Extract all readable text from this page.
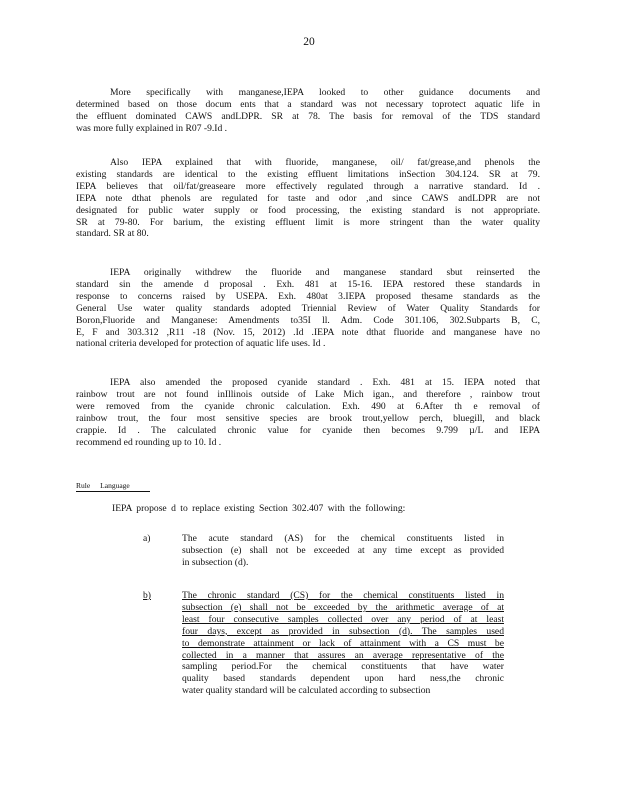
20
More specifically with manganese,IEPA looked to other guidance documents and
determined based on those docum ents that a standard was not necessary toprotect aquatic life in
the effluent dominated CAWS andLDPR. SR at 78. The basis for removal of the TDS standard
was more fully explained in R07 -9.Id .
Also IEPA explained that with fluoride, manganese, oil/ fat/grease,and phenols the
existing standards are identical to the existing effluent limitations inSection 304.124. SR at 79.
IEPA believes that oil/fat/greaseare more effectively regulated through a narrative standard. Id .
IEPA note dthat phenols are regulated for taste and odor ,and since CAWS andLDPR are not
designated for public water supply or food processing, the existing standard is not appropriate.
SR at 79-80. For barium, the existing effluent limit is more stringent than the water quality
standard. SR at 80.
IEPA originally withdrew the fluoride and manganese standard sbut reinserted the
standard sin the amende d proposal . Exh. 481 at 15-16. IEPA restored these standards in
response to concerns raised by USEPA. Exh. 480at 3.IEPA proposed thesame standards as the
General Use water quality standards adopted Triennial Review of Water Quality Standards for
Boron,Fluoride and Manganese: Amendments to35I ll. Adm. Code 301.106, 302.Subparts B, C,
E, F and 303.312 ,R11 -18 (Nov. 15, 2012) .Id .IEPA note dthat fluoride and manganese have no
national criteria developed for protection of aquatic life uses. Id .
IEPA also amended the proposed cyanide standard . Exh. 481 at 15. IEPA noted that
rainbow trout are not found inIllinois outside of Lake Mich igan., and therefore , rainbow trout
were removed from the cyanide chronic calculation. Exh. 490 at 6.After th e removal of
rainbow trout, the four most sensitive species are brook trout,yellow perch, bluegill, and black
crappie. Id . The calculated chronic value for cyanide then becomes 9.799 µ/L and IEPA
recommend ed rounding up to 10. Id .
Rule Language
IEPA propose d to replace existing Section 302.407 with the following:
a)	The acute standard (AS) for the chemical constituents listed in
subsection (e) shall not be exceeded at any time except as provided
in subsection (d).
b)	The chronic standard (CS) for the chemical constituents listed in
subsection (e) shall not be exceeded by the arithmetic average of at
least four consecutive samples collected over any period of at least
four days, except as provided in subsection (d). The samples used
to demonstrate attainment or lack of attainment with a CS must be
collected in a manner that assures an average representative of the
sampling period.For the chemical constituents that have water
quality based standards dependent upon hard ness,the chronic
water quality standard will be calculated according to subsection
